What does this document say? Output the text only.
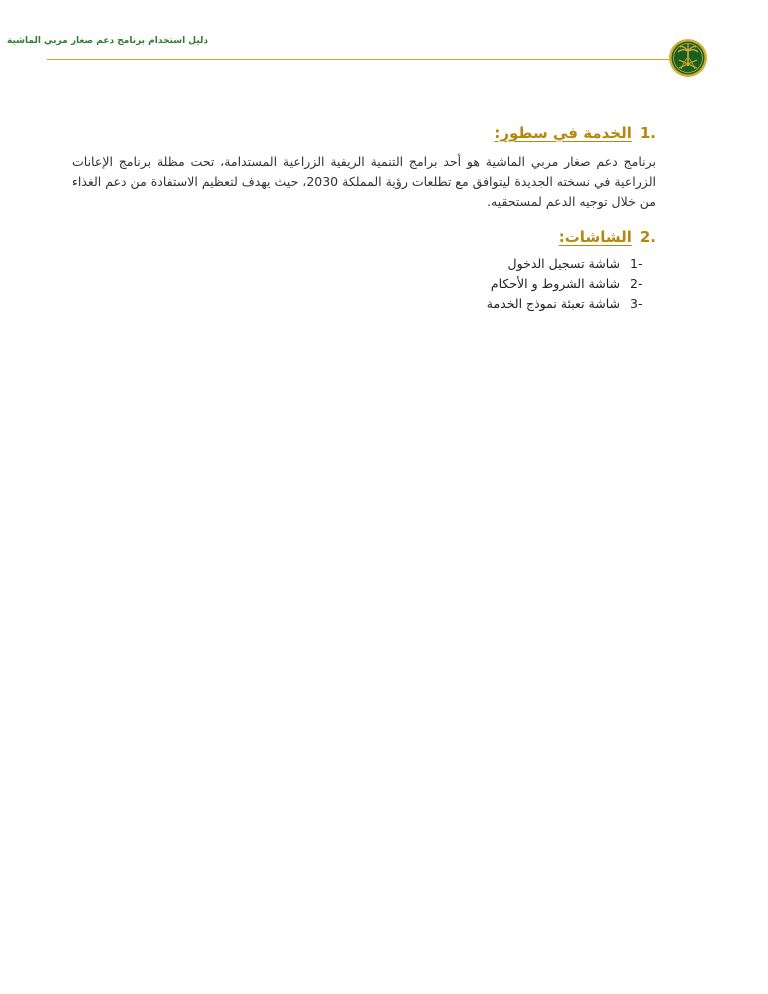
دليل استخدام برنامج دعم صغار مربي الماشية
1.
الخدمة في سطور:

برنامج دعم صغار مربي الماشية هو أحد برامج التنمية الريفية الزراعية المستدامة، تحت مظلة برنامج الإعانات الزراعية في نسخته الجديدة ليتوافق مع تطلعات رؤية المملكة 2030، حيث يهدف لتعظيم الاستفادة من دعم الغذاء من خلال توجيه الدعم لمستحقيه.

2.
الشاشات:
1-
شاشة تسجيل الدخول
2-
شاشة الشروط و الأحكام
3-
شاشة تعبئة نموذج الخدمة
